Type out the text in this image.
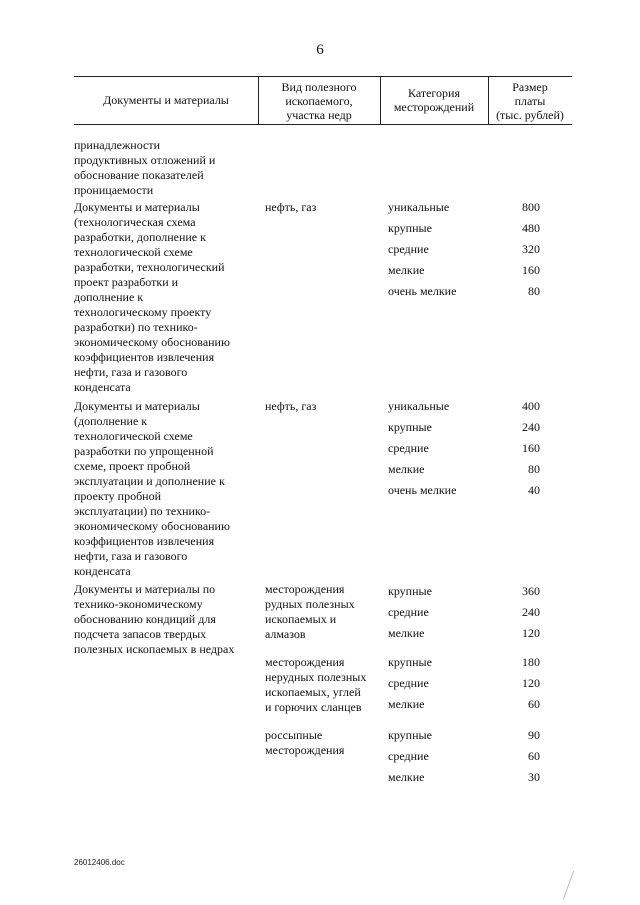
6
Документы и материалы
Вид полезного
ископаемого,
участка недр
Категория
месторождений
Размер
платы
(тыс. рублей)
принадлежности
продуктивных отложений и
обоснование показателей
проницаемости
Документы и материалы
(технологическая схема
разработки, дополнение к
технологической схеме
разработки, технологический
проект разработки и
дополнение к
технологическому проекту
разработки) по технико-
экономическому обоснованию
коэффициентов извлечения
нефти, газа и газового
конденсата
нефть, газ	уникальные
крупные
средние
мелкие
очень мелкие
800
480
320
160
80
Документы и материалы
(дополнение к
технологической схеме
разработки по упрощенной
схеме, проект пробной
эксплуатации и дополнение к
проекту пробной
эксплуатации) по технико-
экономическому обоснованию
коэффициентов извлечения
нефти, газа и газового
конденсата
нефть, газ	уникальные
крупные
средние
мелкие
очень мелкие
400
240
160
80
40
Документы и материалы по
технико-экономическому
обоснованию кондиций для
подсчета запасов твердых
полезных ископаемых в недрах
месторождения
рудных полезных
ископаемых и
алмазов
крупные
средние
мелкие
360
240
120
месторождения
нерудных полезных
ископаемых, углей
и горючих сланцев
крупные
средние
мелкие
180
120
60
россыпные
месторождения
крупные
средние
мелкие
90
60
30
26012406.doc
